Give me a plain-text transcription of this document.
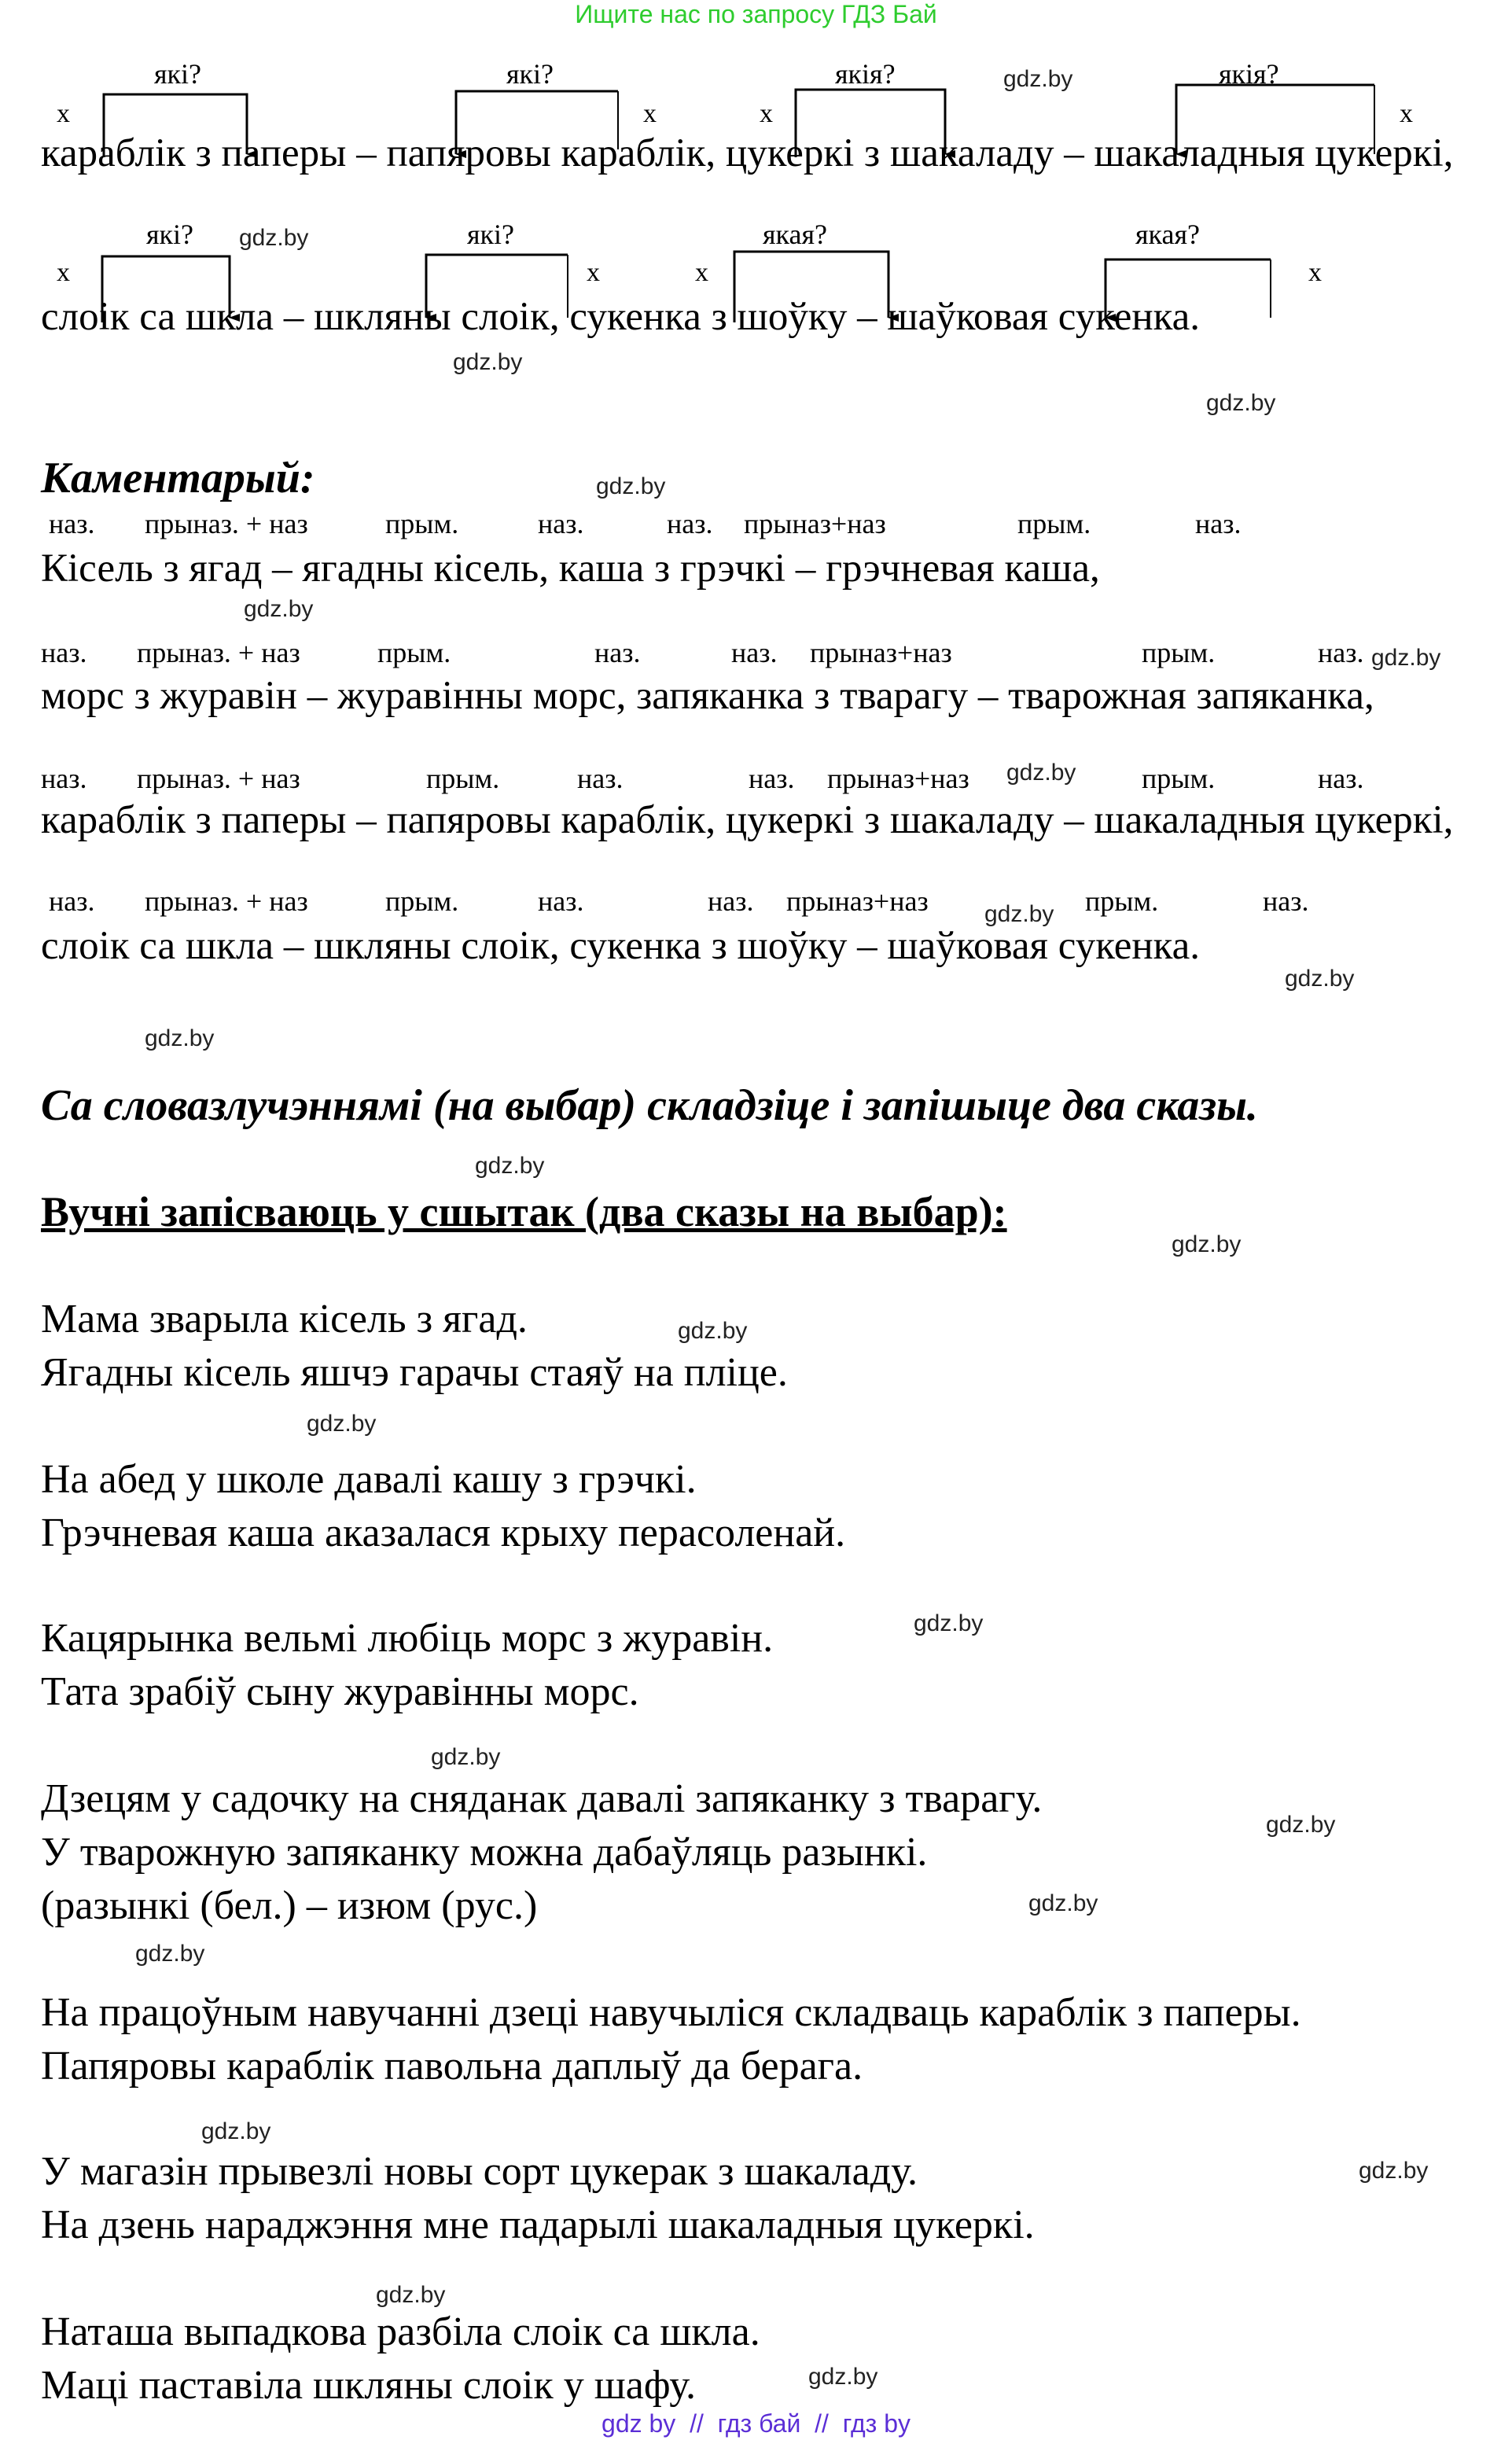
Ищите нас по запросу ГДЗ Бай
караблік з паперы – папяровы караблік, цукеркі з шакаладу – шакаладныя цукеркі,
які?	які?	якія?	якія?
х	х	х	х
слоік са шкла – шкляны слоік, сукенка з шоўку – шаўковая сукенка.
які?	які?	якая?	якая?
х	х	х	х
Каментарый:
наз. прыназ. + наз	прым.	наз.	наз. прыназ+наз	прым.	наз.
Кісель з ягад – ягадны кісель, каша з грэчкі – грэчневая каша,
наз. прыназ. + наз	прым.	наз.	наз. прыназ+наз	прым.	наз.
морс з журавін – журавінны морс, запяканка з тварагу – тварожная запяканка,
наз. прыназ. + наз	прым.	наз.	наз. прыназ+наз	прым.	наз.
караблік з паперы – папяровы караблік, цукеркі з шакаладу – шакаладныя цукеркі,
наз. прыназ. + наз	прым.	наз.	наз. прыназ+наз	прым.	наз.
слоік са шкла – шкляны слоік, сукенка з шоўку – шаўковая сукенка.
Са словазлучэннямі (на выбар) складзіце і запішыце два сказы.
Вучні запісваюць у сшытак (два сказы на выбар):
Мама зварыла кісель з ягад.
Ягадны кісель яшчэ гарачы стаяў на пліце.
На абед у школе давалі кашу з грэчкі.
Грэчневая каша аказалася крыху перасоленай.
Кацярынка вельмі любіць морс з журавін.
Тата зрабіў сыну журавінны морс.
Дзецям у садочку на сняданак давалі запяканку з тварагу.
У тварожную запяканку можна дабаўляць разынкі.
(разынкі (бел.) – изюм (рус.)
На працоўным навучанні дзеці навучыліся складваць караблік з паперы.
Папяровы караблік павольна даплыў да берага.
У магазін прывезлі новы сорт цукерак з шакаладу.
На дзень нараджэння мне падарылі шакаладныя цукеркі.
Наташа выпадкова разбіла слоік са шкла.
Маці паставіла шкляны слоік у шафу.
gdz.by
gdz.by
gdz.by
gdz.by
gdz.by
gdz.by
gdz.by
gdz.by
gdz.by
gdz.by
gdz.by
gdz.by
gdz.by
gdz.by
gdz.by
gdz.by
gdz.by
gdz.by
gdz.by
gdz.by
gdz.by
gdz.by
gdz.by
gdz.by
gdz by  //  гдз бай  //  гдз by
